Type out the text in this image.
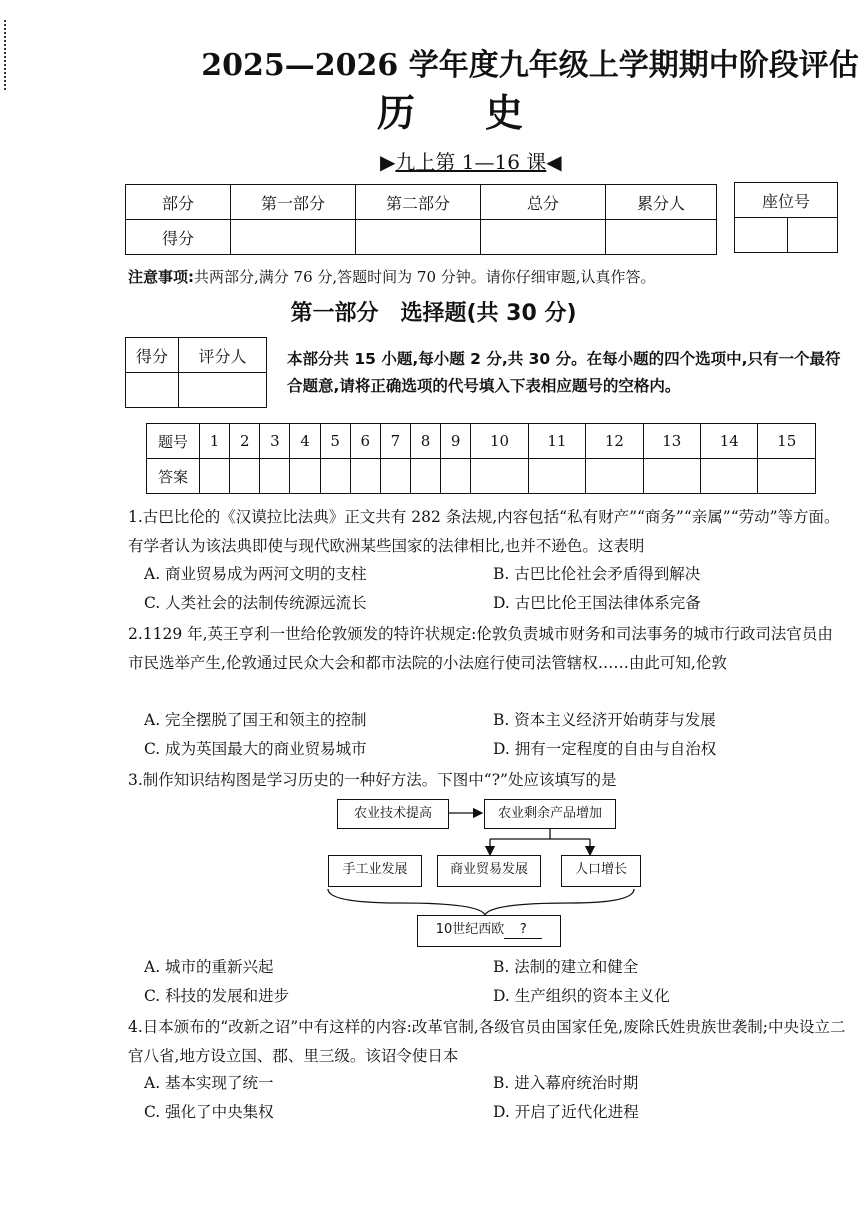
2025—2026 学年度九年级上学期期中阶段评估
历史
▶九上第 1—16 课◀
部分	第一部分	第二部分	总分	累分人
得分				
座位号

注意事项:共两部分,满分 76 分,答题时间为 70 分钟。请你仔细审题,认真作答。
第一部分　选择题(共 30 分)
得分	评分人
		本部分共 15 小题,每小题 2 分,共 30 分。在每小题的四个选项中,只有一个最符合题意,请将正确选项的代号填入下表相应题号的空格内。
题号	1	2	3	4	5	6	7	8	9	10	11	12	13	14	15
答案															
1.古巴比伦的《汉谟拉比法典》正文共有 282 条法规,内容包括“私有财产”“商务”“亲属”“劳动”等方面。有学者认为该法典即使与现代欧洲某些国家的法律相比,也并不逊色。这表明
A. 商业贸易成为两河文明的支柱	B. 古巴比伦社会矛盾得到解决
C. 人类社会的法制传统源远流长	D. 古巴比伦王国法律体系完备
2.1129 年,英王亨利一世给伦敦颁发的特许状规定:伦敦负责城市财务和司法事务的城市行政司法官员由市民选举产生,伦敦通过民众大会和都市法院的小法庭行使司法管辖权……由此可知,伦敦
A. 完全摆脱了国王和领主的控制	B. 资本主义经济开始萌芽与发展
C. 成为英国最大的商业贸易城市	D. 拥有一定程度的自由与自治权
3.制作知识结构图是学习历史的一种好方法。下图中“?”处应该填写的是
农业技术提高	农业剩余产品增加
手工业发展	商业贸易发展	人口增长
10世纪西欧 ?
A. 城市的重新兴起	B. 法制的建立和健全
C. 科技的发展和进步	D. 生产组织的资本主义化
4.日本颁布的“改新之诏”中有这样的内容:改革官制,各级官员由国家任免,废除氏姓贵族世袭制;中央设立二官八省,地方设立国、郡、里三级。该诏令使日本
A. 基本实现了统一	B. 进入幕府统治时期
C. 强化了中央集权	D. 开启了近代化进程
